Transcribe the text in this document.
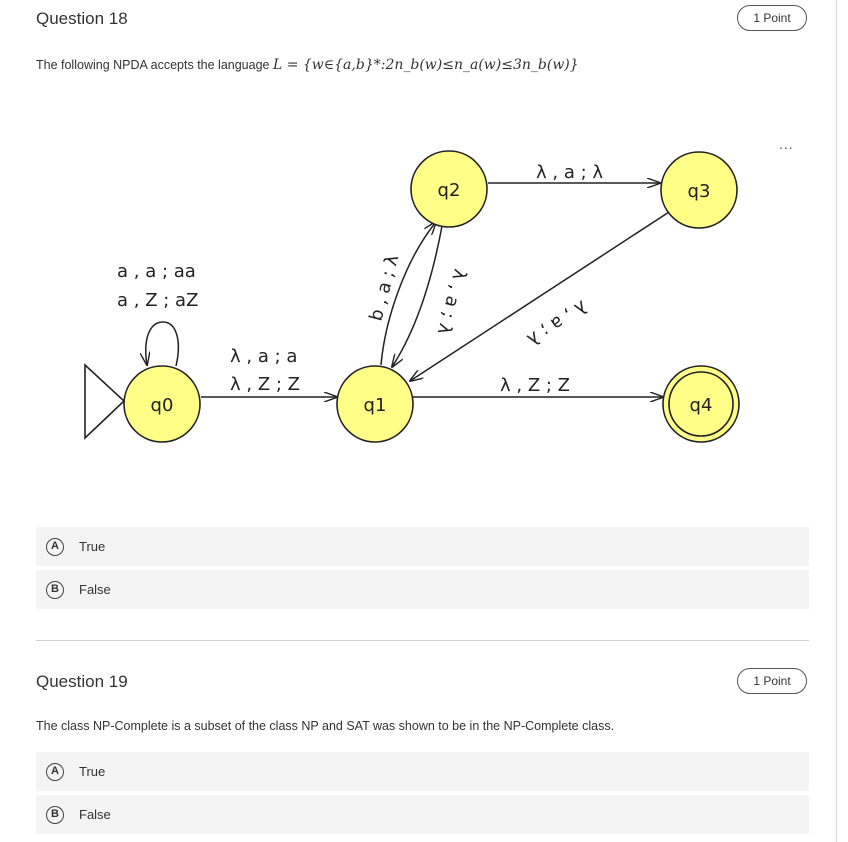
Question 18	1 Point
The following NPDA accepts the language L = {w∈{a,b}*:2n_b(w)≤n_a(w)≤3n_b(w)}
...
q0	q1
q2	q3
q4
a , a ; aa
a , Z ; aZ
λ , a ; a
λ , Z ; Z
b , a ; λ λ , a ; λ
λ , a ; λ
λ , a ; λ
λ , Z ; Z
A	True
B	False
Question 19	1 Point
The class NP-Complete is a subset of the class NP and SAT was shown to be in the NP-Complete class.
A	True
B	False
